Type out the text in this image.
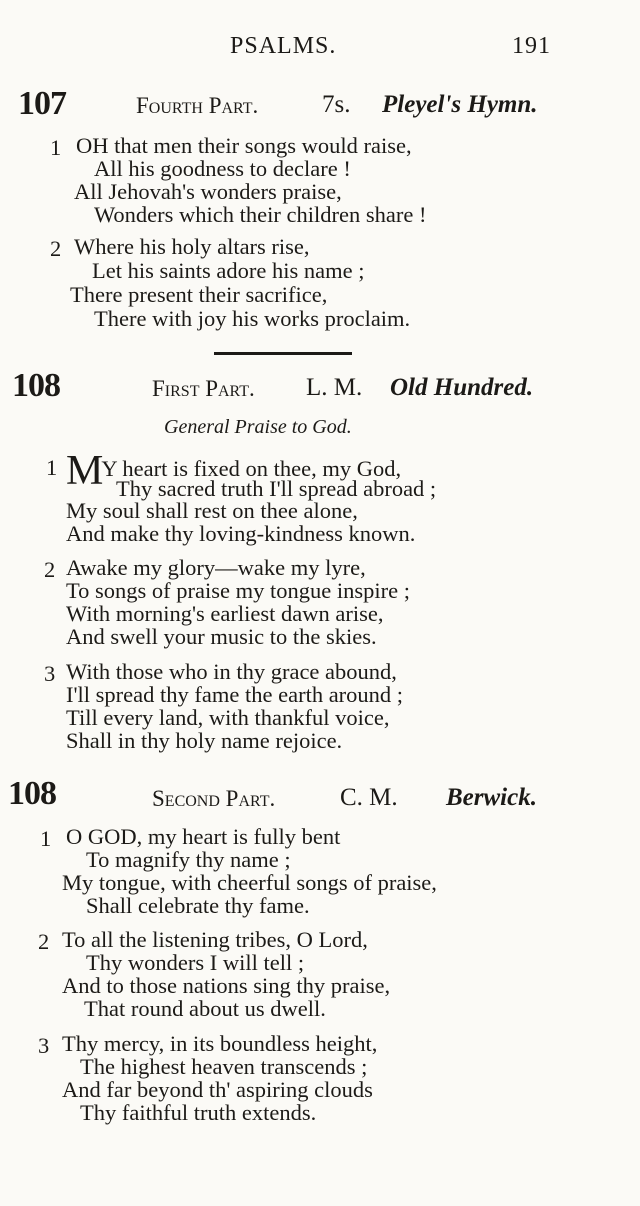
PSALMS.	191
107	Fourth Part.	7s. Pleyel's Hymn.
1 OH that men their songs would raise,
All his goodness to declare !
All Jehovah's wonders praise,
Wonders which their children share !
2 Where his holy altars rise,
Let his saints adore his name ;
There present their sacrifice,
There with joy his works proclaim.
108	First Part. L. M. Old Hundred.
General Praise to God.
1 MY heart is fixed on thee, my God,
Thy sacred truth I'll spread abroad ;
My soul shall rest on thee alone,
And make thy loving-kindness known.
2 Awake my glory—wake my lyre,
To songs of praise my tongue inspire ;
With morning's earliest dawn arise,
And swell your music to the skies.
3 With those who in thy grace abound,
I'll spread thy fame the earth around ;
Till every land, with thankful voice,
Shall in thy holy name rejoice.
108	Second Part.	C. M. Berwick.
1 O GOD, my heart is fully bent
To magnify thy name ;
My tongue, with cheerful songs of praise,
Shall celebrate thy fame.
2 To all the listening tribes, O Lord,
Thy wonders I will tell ;
And to those nations sing thy praise,
That round about us dwell.
3 Thy mercy, in its boundless height,
The highest heaven transcends ;
And far beyond th' aspiring clouds
Thy faithful truth extends.
